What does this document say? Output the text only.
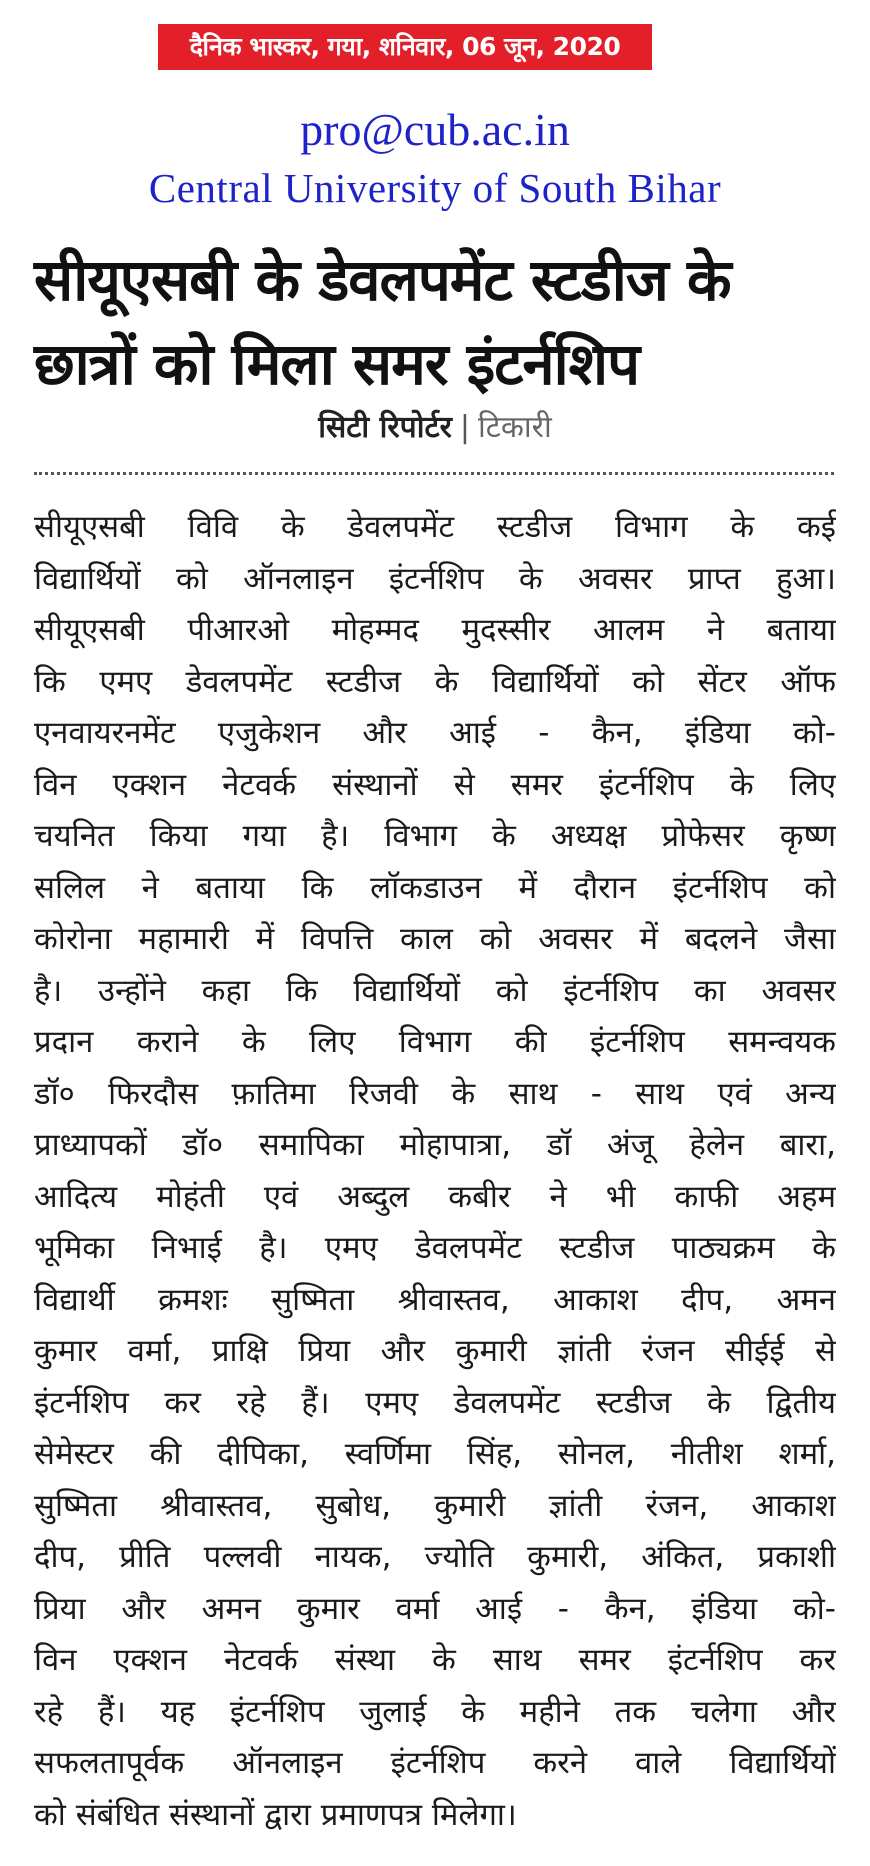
दैनिक भास्कर, गया, शनिवार, 06 जून, 2020
pro@cub.ac.in
Central University of South Bihar
सीयूएसबी के डेवलपमेंट स्टडीज के
छात्रों को मिला समर इंटर्नशिप
सिटी रिपोर्टर | टिकारी
सीयूएसबी विवि के डेवलपमेंट स्टडीज विभाग के कई
विद्यार्थियों को ऑनलाइन इंटर्नशिप के अवसर प्राप्त हुआ।
सीयूएसबी पीआरओ मोहम्मद मुदस्सीर आलम ने बताया
कि एमए डेवलपमेंट स्टडीज के विद्यार्थियों को सेंटर ऑफ
एनवायरनमेंट एजुकेशन और आई - कैन, इंडिया को-
विन एक्शन नेटवर्क संस्थानों से समर इंटर्नशिप के लिए
चयनित किया गया है। विभाग के अध्यक्ष प्रोफेसर कृष्ण
सलिल ने बताया कि लॉकडाउन में दौरान इंटर्नशिप को
कोरोना महामारी में विपत्ति काल को अवसर में बदलने जैसा
है। उन्होंने कहा कि विद्यार्थियों को इंटर्नशिप का अवसर
प्रदान कराने के लिए विभाग की इंटर्नशिप समन्वयक
डॉ० फिरदौस फ़ातिमा रिजवी के साथ - साथ एवं अन्य
प्राध्यापकों डॉ० समापिका मोहापात्रा, डॉ अंजू हेलेन बारा,
आदित्य मोहंती एवं अब्दुल कबीर ने भी काफी अहम
भूमिका निभाई है। एमए डेवलपमेंट स्टडीज पाठ्यक्रम के
विद्यार्थी क्रमशः सुष्मिता श्रीवास्तव, आकाश दीप, अमन
कुमार वर्मा, प्राक्षि प्रिया और कुमारी ज्ञांती रंजन सीईई से
इंटर्नशिप कर रहे हैं। एमए डेवलपमेंट स्टडीज के द्वितीय
सेमेस्टर की दीपिका, स्वर्णिमा सिंह, सोनल, नीतीश शर्मा,
सुष्मिता श्रीवास्तव, सुबोध, कुमारी ज्ञांती रंजन, आकाश
दीप, प्रीति पल्लवी नायक, ज्योति कुमारी, अंकित, प्रकाशी
प्रिया और अमन कुमार वर्मा आई - कैन, इंडिया को-
विन एक्शन नेटवर्क संस्था के साथ समर इंटर्नशिप कर
रहे हैं। यह इंटर्नशिप जुलाई के महीने तक चलेगा और
सफलतापूर्वक ऑनलाइन इंटर्नशिप करने वाले विद्यार्थियों
को संबंधित संस्थानों द्वारा प्रमाणपत्र मिलेगा।
